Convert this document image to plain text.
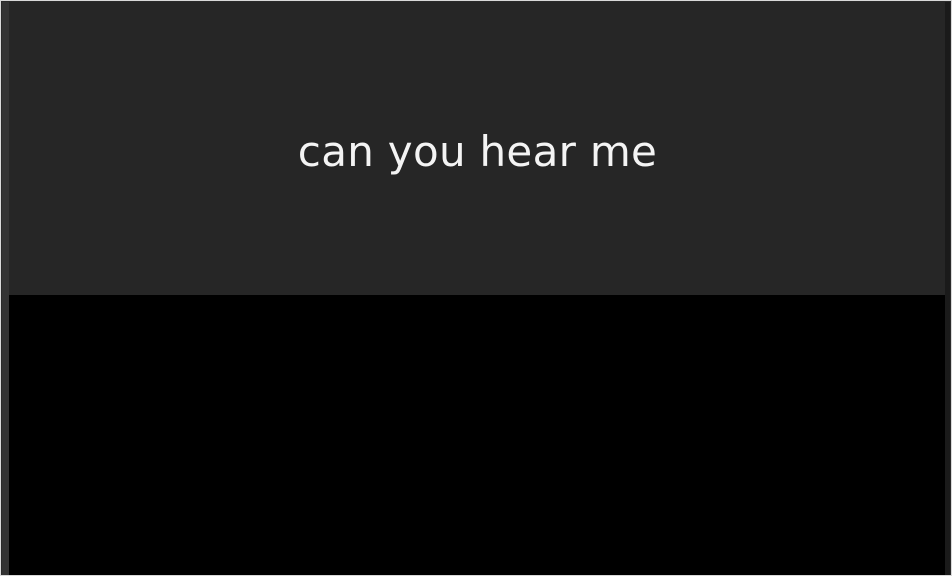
can you hear me
